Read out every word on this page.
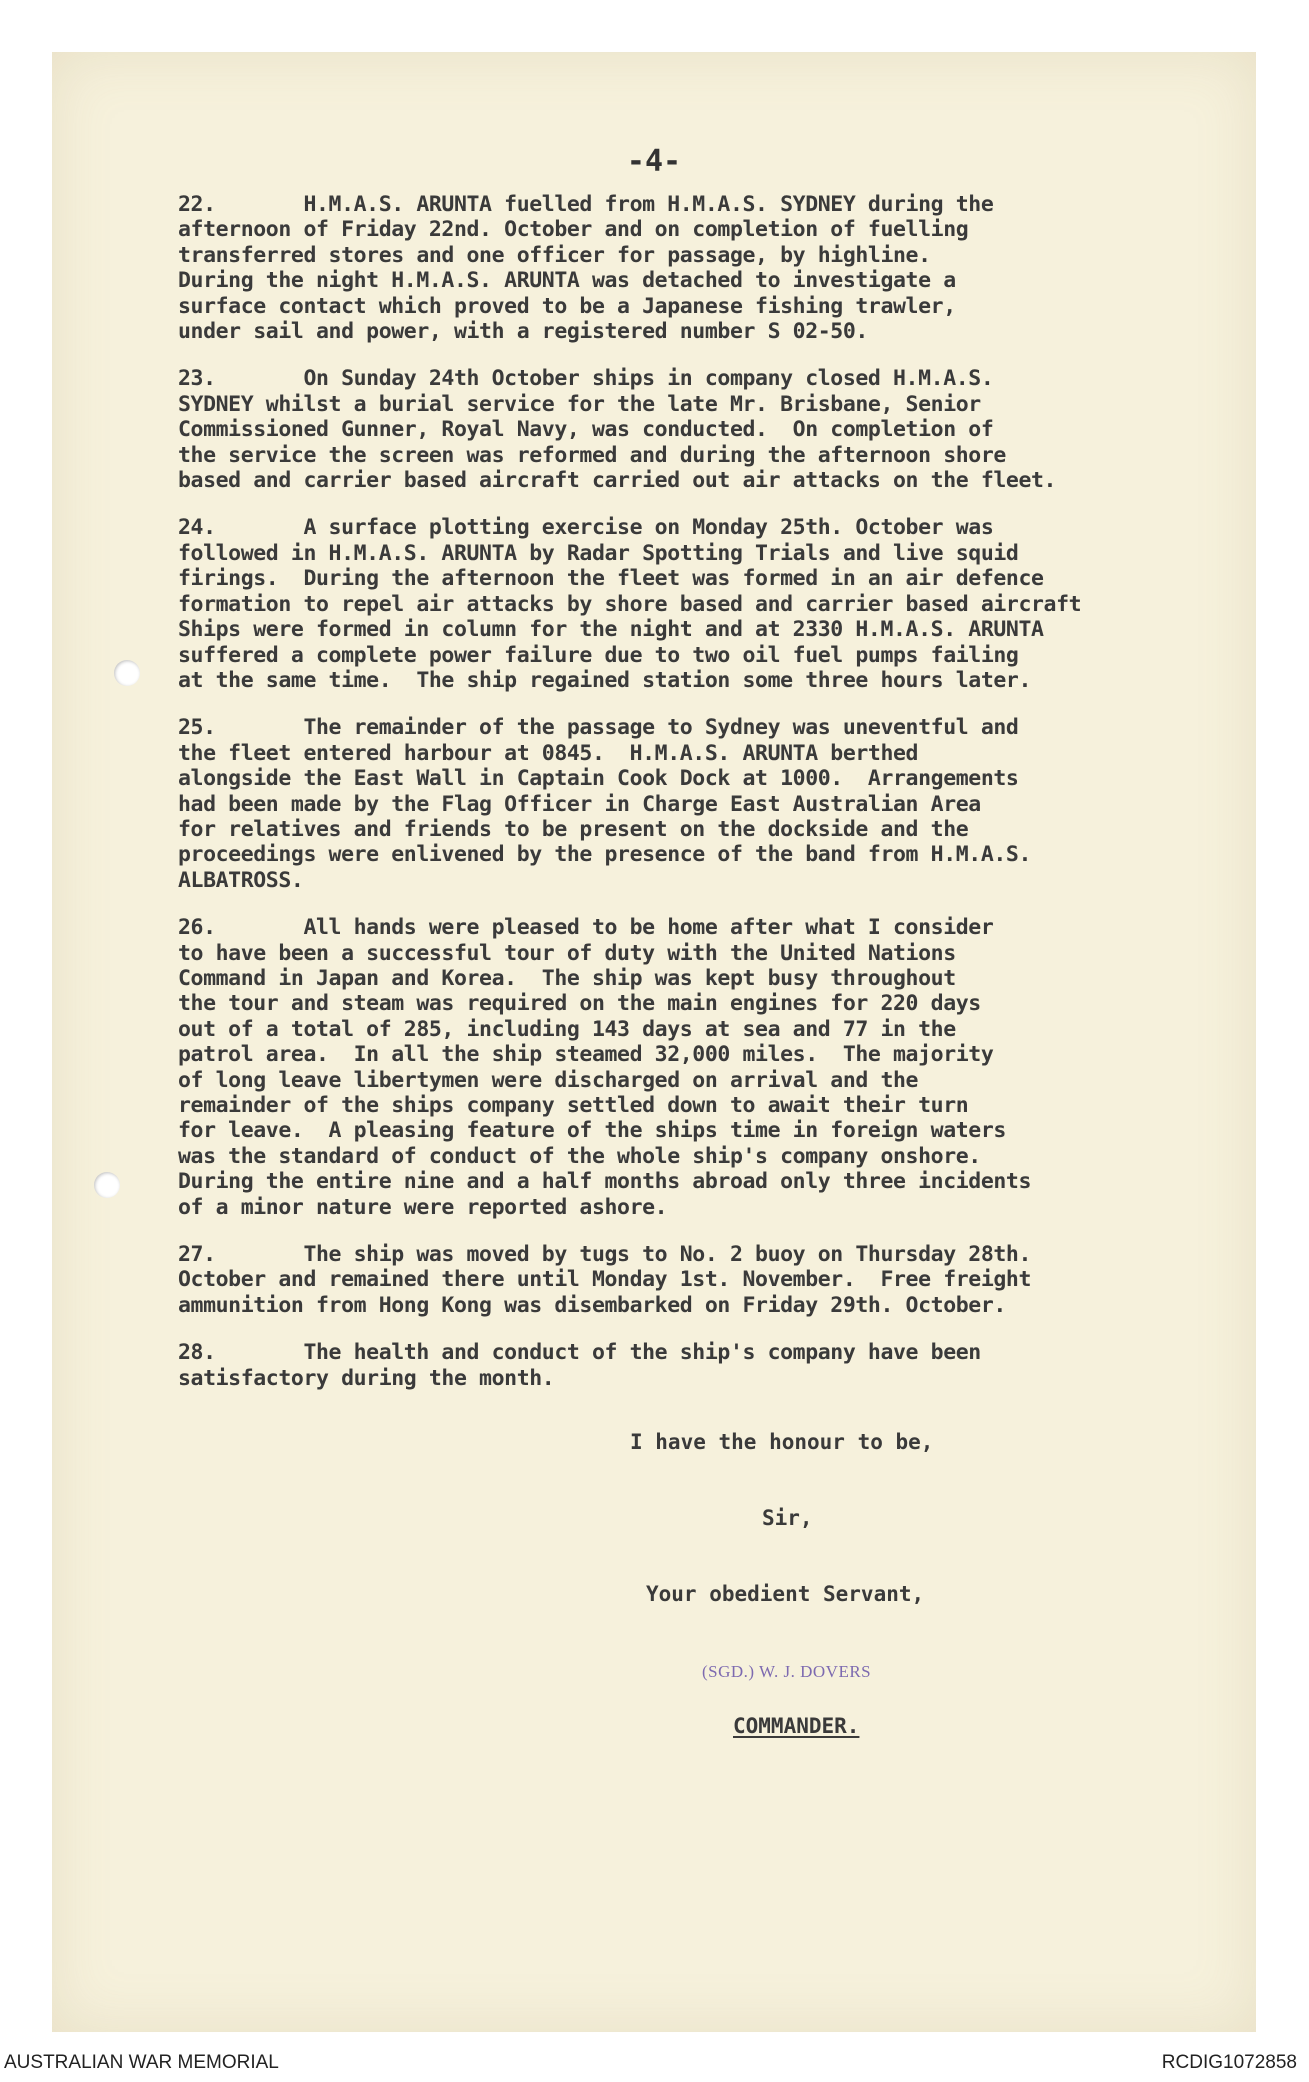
-4-
22.       H.M.A.S. ARUNTA fuelled from H.M.A.S. SYDNEY during the
afternoon of Friday 22nd. October and on completion of fuelling
transferred stores and one officer for passage, by highline.
During the night H.M.A.S. ARUNTA was detached to investigate a
surface contact which proved to be a Japanese fishing trawler,
under sail and power, with a registered number S 02-50.
23.       On Sunday 24th October ships in company closed H.M.A.S.
SYDNEY whilst a burial service for the late Mr. Brisbane, Senior
Commissioned Gunner, Royal Navy, was conducted.  On completion of
the service the screen was reformed and during the afternoon shore
based and carrier based aircraft carried out air attacks on the fleet.
24.       A surface plotting exercise on Monday 25th. October was
followed in H.M.A.S. ARUNTA by Radar Spotting Trials and live squid
firings.  During the afternoon the fleet was formed in an air defence
formation to repel air attacks by shore based and carrier based aircraft
Ships were formed in column for the night and at 2330 H.M.A.S. ARUNTA
suffered a complete power failure due to two oil fuel pumps failing
at the same time.  The ship regained station some three hours later.
25.       The remainder of the passage to Sydney was uneventful and
the fleet entered harbour at 0845.  H.M.A.S. ARUNTA berthed
alongside the East Wall in Captain Cook Dock at 1000.  Arrangements
had been made by the Flag Officer in Charge East Australian Area
for relatives and friends to be present on the dockside and the
proceedings were enlivened by the presence of the band from H.M.A.S.
ALBATROSS.
26.       All hands were pleased to be home after what I consider
to have been a successful tour of duty with the United Nations
Command in Japan and Korea.  The ship was kept busy throughout
the tour and steam was required on the main engines for 220 days
out of a total of 285, including 143 days at sea and 77 in the
patrol area.  In all the ship steamed 32,000 miles.  The majority
of long leave libertymen were discharged on arrival and the
remainder of the ships company settled down to await their turn
for leave.  A pleasing feature of the ships time in foreign waters
was the standard of conduct of the whole ship's company onshore.
During the entire nine and a half months abroad only three incidents
of a minor nature were reported ashore.
27.       The ship was moved by tugs to No. 2 buoy on Thursday 28th.
October and remained there until Monday 1st. November.  Free freight
ammunition from Hong Kong was disembarked on Friday 29th. October.
28.       The health and conduct of the ship's company have been
satisfactory during the month.
I have the honour to be,
Sir,
Your obedient Servant,
(SGD.) W. J. DOVERS
COMMANDER.
AUSTRALIAN WAR MEMORIAL	RCDIG1072858
